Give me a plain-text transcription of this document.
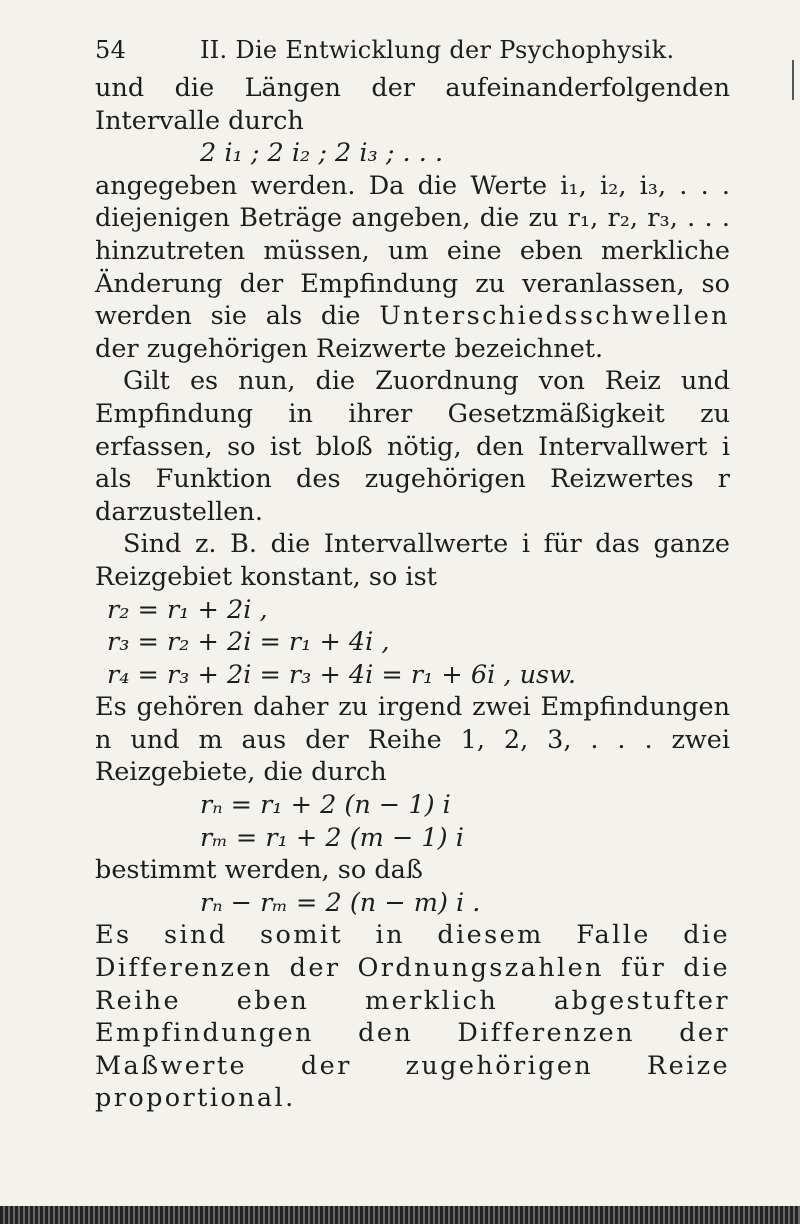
54	II. Die Entwicklung der Psychophysik.

und die Längen der aufeinanderfolgenden Intervalle durch

2 i₁ ; 2 i₂ ; 2 i₃ ; . . .

angegeben werden. Da die Werte i₁, i₂, i₃, . . . diejenigen Beträge angeben, die zu r₁, r₂, r₃, . . . hinzutreten müssen, um eine eben merkliche Änderung der Empfindung zu veranlassen, so werden sie als die Unterschiedsschwellen der zugehörigen Reizwerte bezeichnet.

Gilt es nun, die Zuordnung von Reiz und Empfindung in ihrer Gesetzmäßigkeit zu erfassen, so ist bloß nötig, den Intervallwert i als Funktion des zugehörigen Reizwertes r darzustellen.

Sind z. B. die Intervallwerte i für das ganze Reizgebiet konstant, so ist

r₂ = r₁ + 2i ,

r₃ = r₂ + 2i = r₁ + 4i ,

r₄ = r₃ + 2i = r₃ + 4i = r₁ + 6i , usw.

Es gehören daher zu irgend zwei Empfindungen n und m aus der Reihe 1, 2, 3, . . . zwei Reizgebiete, die durch

rₙ = r₁ + 2 (n − 1) i

rₘ = r₁ + 2 (m − 1) i

bestimmt werden, so daß

rₙ − rₘ = 2 (n − m) i .

Es sind somit in diesem Falle die Differenzen der Ordnungszahlen für die Reihe eben merklich abgestufter Empfindungen den Differenzen der Maßwerte der zugehörigen Reize proportional.
